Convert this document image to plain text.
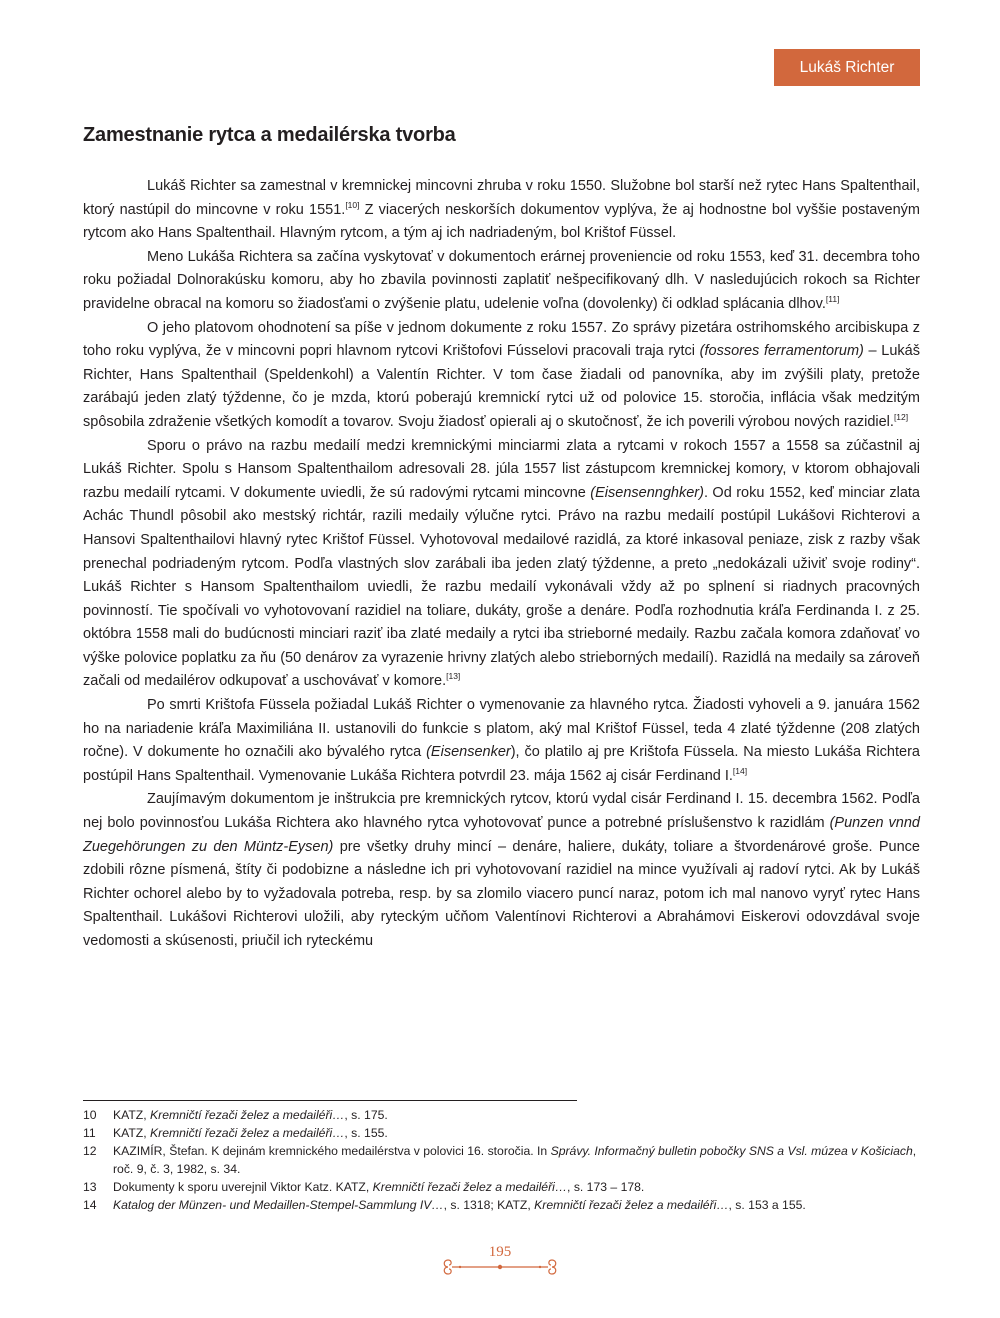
Lukáš Richter
Zamestnanie rytca a medailérska tvorba

Lukáš Richter sa zamestnal v kremnickej mincovni zhruba v roku 1550. Služobne bol starší než rytec Hans Spaltenthail, ktorý nastúpil do mincovne v roku 1551.[10] Z viacerých neskorších dokumentov vyplýva, že aj hodnostne bol vyššie postaveným rytcom ako Hans Spaltenthail. Hlavným rytcom, a tým aj ich nadriadeným, bol Krištof Füssel.

Meno Lukáša Richtera sa začína vyskytovať v dokumentoch erárnej proveniencie od roku 1553, keď 31. decembra toho roku požiadal Dolnorakúsku komoru, aby ho zbavila povinnosti zaplatiť nešpecifikovaný dlh. V nasledujúcich rokoch sa Richter pravidelne obracal na komoru so žiadosťami o zvýšenie platu, udelenie voľna (dovolenky) či odklad splácania dlhov.[11]

O jeho platovom ohodnotení sa píše v jednom dokumente z roku 1557. Zo správy pizetára ostrihomského arcibiskupa z toho roku vyplýva, že v mincovni popri hlavnom rytcovi Krištofovi Fússelovi pracovali traja rytci (fossores ferramentorum) – Lukáš Richter, Hans Spaltenthail (Speldenkohl) a Valentín Richter. V tom čase žiadali od panovníka, aby im zvýšili platy, pretože zarábajú jeden zlatý týždenne, čo je mzda, ktorú poberajú kremnickí rytci už od polovice 15. storočia, inflácia však medzitým spôsobila zdraženie všetkých komodít a tovarov. Svoju žiadosť opierali aj o skutočnosť, že ich poverili výrobou nových razidiel.[12]

Sporu o právo na razbu medailí medzi kremnickými minciarmi zlata a rytcami v rokoch 1557 a 1558 sa zúčastnil aj Lukáš Richter. Spolu s Hansom Spaltenthailom adresovali 28. júla 1557 list zástupcom kremnickej komory, v ktorom obhajovali razbu medailí rytcami. V dokumente uviedli, že sú radovými rytcami mincovne (Eisensennghker). Od roku 1552, keď minciar zlata Achác Thundl pôsobil ako mestský richtár, razili medaily výlučne rytci. Právo na razbu medailí postúpil Lukášovi Richterovi a Hansovi Spaltenthailovi hlavný rytec Krištof Füssel. Vyhotovoval medailové razidlá, za ktoré inkasoval peniaze, zisk z razby však prenechal podriadeným rytcom. Podľa vlastných slov zarábali iba jeden zlatý týždenne, a preto „nedokázali uživiť svoje rodiny“. Lukáš Richter s Hansom Spaltenthailom uviedli, že razbu medailí vykonávali vždy až po splnení si riadnych pracovných povinností. Tie spočívali vo vyhotovovaní razidiel na toliare, dukáty, groše a denáre. Podľa rozhodnutia kráľa Ferdinanda I. z 25. októbra 1558 mali do budúcnosti minciari raziť iba zlaté medaily a rytci iba strieborné medaily. Razbu začala komora zdaňovať vo výške polovice poplatku za ňu (50 denárov za vyrazenie hrivny zlatých alebo strieborných medailí). Razidlá na medaily sa zároveň začali od medailérov odkupovať a uschovávať v komore.[13]

Po smrti Krištofa Füssela požiadal Lukáš Richter o vymenovanie za hlavného rytca. Žiadosti vyhoveli a 9. januára 1562 ho na nariadenie kráľa Maximiliána II. ustanovili do funkcie s platom, aký mal Krištof Füssel, teda 4 zlaté týždenne (208 zlatých ročne). V dokumente ho označili ako bývalého rytca (Eisensenker), čo platilo aj pre Krištofa Füssela. Na miesto Lukáša Richtera postúpil Hans Spaltenthail. Vymenovanie Lukáša Richtera potvrdil 23. mája 1562 aj cisár Ferdinand I.[14]

Zaujímavým dokumentom je inštrukcia pre kremnických rytcov, ktorú vydal cisár Ferdinand I. 15. decembra 1562. Podľa nej bolo povinnosťou Lukáša Richtera ako hlavného rytca vyhotovovať punce a potrebné príslušenstvo k razidlám (Punzen vnnd Zuegehörungen zu den Müntz-Eysen) pre všetky druhy mincí – denáre, haliere, dukáty, toliare a štvordenárové groše. Punce zdobili rôzne písmená, štíty či podobizne a následne ich pri vyhotovovaní razidiel na mince využívali aj radoví rytci. Ak by Lukáš Richter ochorel alebo by to vyžadovala potreba, resp. by sa zlomilo viacero puncí naraz, potom ich mal nanovo vyryť rytec Hans Spaltenthail. Lukášovi Richterovi uložili, aby ryteckým učňom Valentínovi Richterovi a Abrahámovi Eiskerovi odovzdával svoje vedomosti a skúsenosti, priučil ich ryteckému

10	KATZ, Kremničtí řezači želez a medailéři…, s. 175.
11	KATZ, Kremničtí řezači želez a medailéři…, s. 155.
12	KAZIMÍR, Štefan. K dejinám kremnického medailérstva v polovici 16. storočia. In Správy. Informačný bulletin pobočky SNS a Vsl. múzea v Košiciach, roč. 9, č. 3, 1982, s. 34.
13	Dokumenty k sporu uverejnil Viktor Katz. KATZ, Kremničtí řezači želez a medailéři…, s. 173 – 178.
14	Katalog der Münzen- und Medaillen-Stempel-Sammlung IV…, s. 1318; KATZ, Kremničtí řezači želez a medailéři…, s. 153 a 155.
195
